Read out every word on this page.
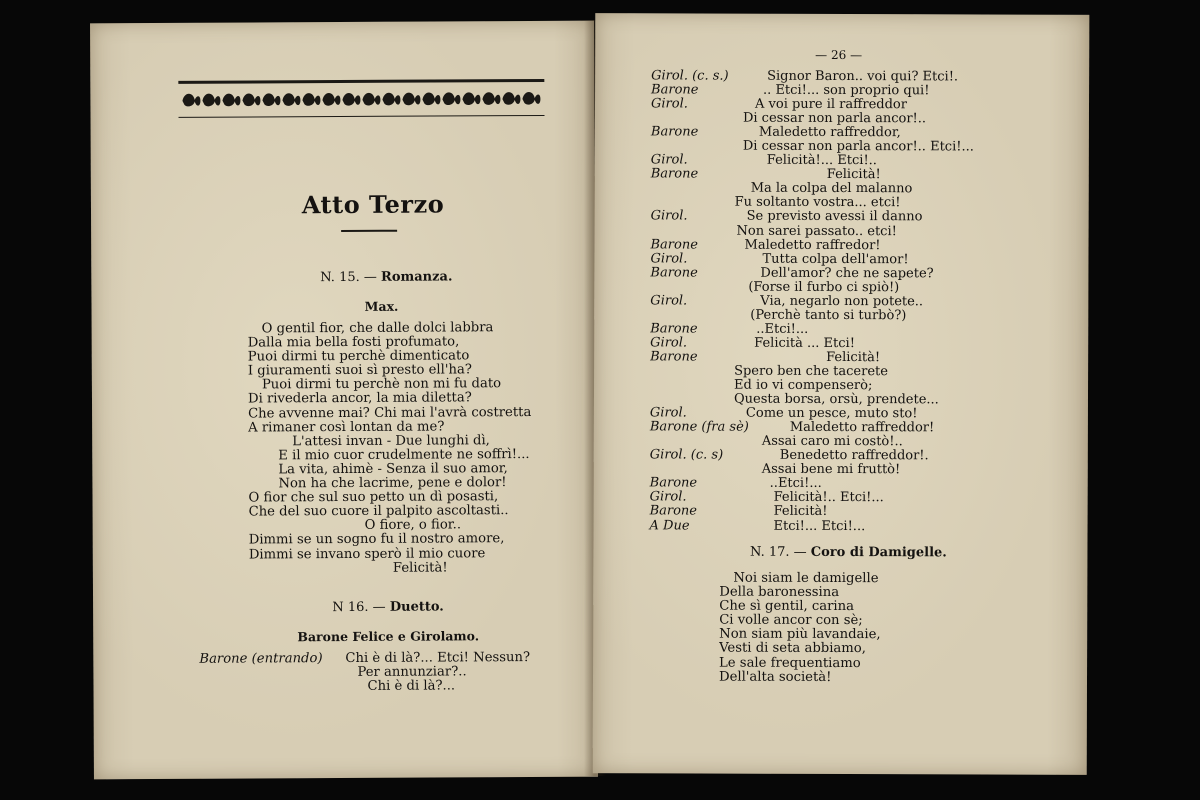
Atto Terzo
N. 15. — Romanza.
Max.
O gentil fior, che dalle dolci labbra
Dalla mia bella fosti profumato,
Puoi dirmi tu perchè dimenticato
I giuramenti suoi sì presto ell'ha?
Puoi dirmi tu perchè non mi fu dato
Di rivederla ancor, la mia diletta?
Che avvenne mai? Chi mai l'avrà costretta
A rimaner così lontan da me?
L'attesi invan - Due lunghi dì,
E il mio cuor crudelmente ne soffrì!...
La vita, ahimè - Senza il suo amor,
Non ha che lacrime, pene e dolor!
O fior che sul suo petto un dì posasti,
Che del suo cuore il palpito ascoltasti..
O fiore, o fior..
Dimmi se un sogno fu il nostro amore,
Dimmi se invano sperò il mio cuore
Felicità!
N 16. — Duetto.
Barone Felice e Girolamo.
Barone (entrando) Chi è di là?... Etci! Nessun?
Per annunziar?..
Chi è di là?...
— 26 —
Girol. (c. s.)	Signor Baron.. voi qui? Etci!.
Barone	.. Etci!... son proprio qui!
Girol.	A voi pure il raffreddor
Di cessar non parla ancor!..
Barone	Maledetto raffreddor,
Di cessar non parla ancor!.. Etci!...
Girol.	Felicità!... Etci!..
Barone	Felicità!
Ma la colpa del malanno
Fu soltanto vostra... etci!
Girol.	Se previsto avessi il danno
Non sarei passato.. etci!
Barone	Maledetto raffredor!
Girol.	Tutta colpa dell'amor!
Barone	Dell'amor? che ne sapete?
(Forse il furbo ci spiò!)
Girol.	Via, negarlo non potete..
(Perchè tanto si turbò?)
Barone	..Etci!...
Girol.	Felicità ... Etci!
Barone	Felicità!
Spero ben che tacerete
Ed io vi compenserò;
Questa borsa, orsù, prendete...
Girol.	Come un pesce, muto sto!
Barone (fra sè)	Maledetto raffreddor!
Assai caro mi costò!..
Girol. (c. s)	Benedetto raffreddor!.
Assai bene mi fruttò!
Barone	..Etci!...
Girol.	Felicità!.. Etci!...
Barone	Felicità!
A Due	Etci!... Etci!...
N. 17. — Coro di Damigelle.
Noi siam le damigelle
Della baronessina
Che sì gentil, carina
Ci volle ancor con sè;
Non siam più lavandaie,
Vesti di seta abbiamo,
Le sale frequentiamo
Dell'alta società!
